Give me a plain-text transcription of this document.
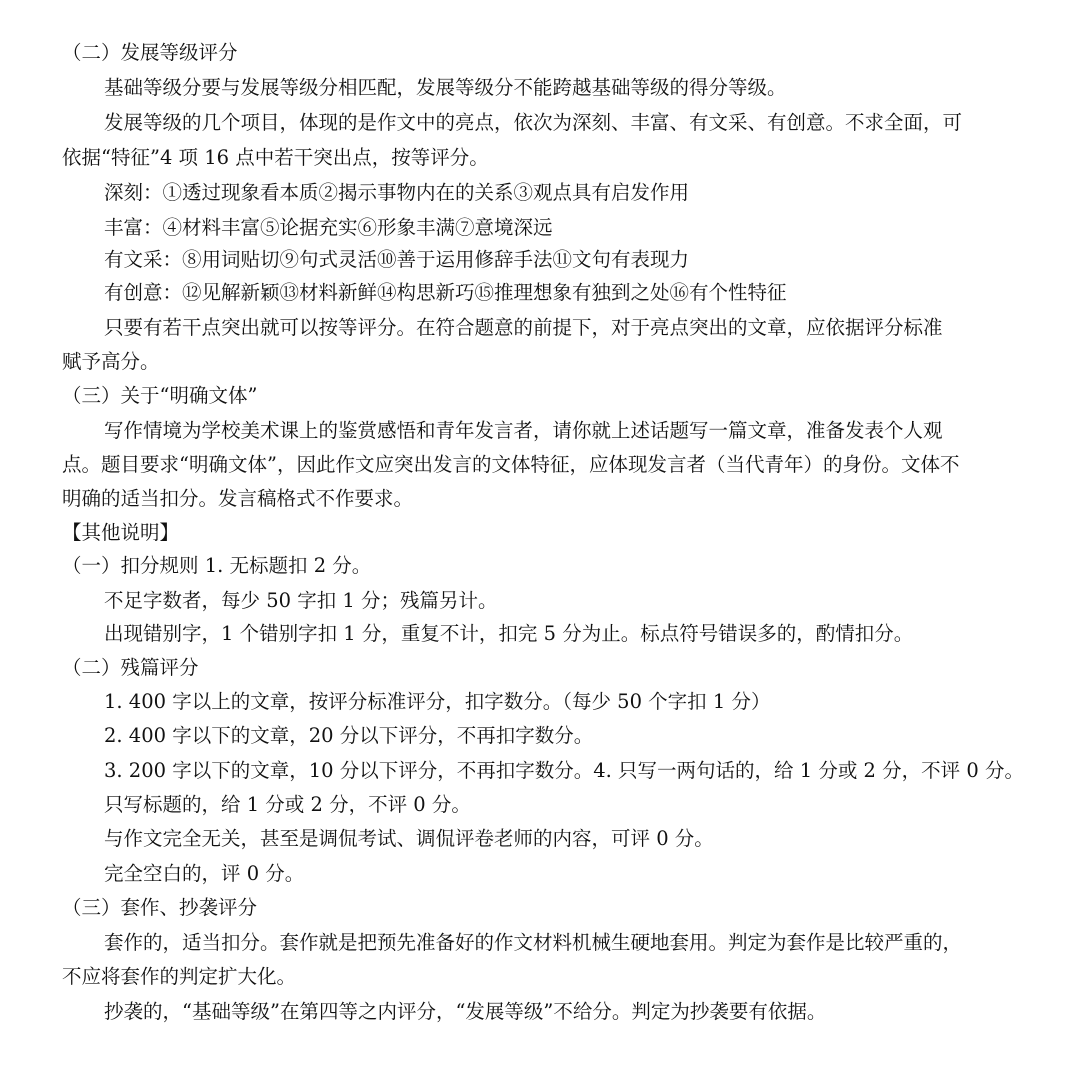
（二）发展等级评分

基础等级分要与发展等级分相匹配，发展等级分不能跨越基础等级的得分等级。

发展等级的几个项目，体现的是作文中的亮点，依次为深刻、丰富、有文采、有创意。不求全面，可

依据“特征”4 项 16 点中若干突出点，按等评分。

深刻：①透过现象看本质②揭示事物内在的关系③观点具有启发作用

丰富：④材料丰富⑤论据充实⑥形象丰满⑦意境深远

有文采：⑧用词贴切⑨句式灵活⑩善于运用修辞手法⑪文句有表现力

有创意：⑫见解新颖⑬材料新鲜⑭构思新巧⑮推理想象有独到之处⑯有个性特征

只要有若干点突出就可以按等评分。在符合题意的前提下，对于亮点突出的文章，应依据评分标准

赋予高分。

（三）关于“明确文体”

写作情境为学校美术课上的鉴赏感悟和青年发言者，请你就上述话题写一篇文章，准备发表个人观

点。题目要求“明确文体”，因此作文应突出发言的文体特征，应体现发言者（当代青年）的身份。文体不

明确的适当扣分。发言稿格式不作要求。

【其他说明】

（一）扣分规则 1. 无标题扣 2 分。

不足字数者，每少 50 字扣 1 分；残篇另计。

出现错别字，1 个错别字扣 1 分，重复不计，扣完 5 分为止。标点符号错误多的，酌情扣分。

（二）残篇评分

1. 400 字以上的文章，按评分标准评分，扣字数分。（每少 50 个字扣 1 分）

2. 400 字以下的文章，20 分以下评分，不再扣字数分。

3. 200 字以下的文章，10 分以下评分，不再扣字数分。4. 只写一两句话的，给 1 分或 2 分，不评 0 分。

只写标题的，给 1 分或 2 分，不评 0 分。

与作文完全无关，甚至是调侃考试、调侃评卷老师的内容，可评 0 分。

完全空白的，评 0 分。

（三）套作、抄袭评分

套作的，适当扣分。套作就是把预先准备好的作文材料机械生硬地套用。判定为套作是比较严重的，

不应将套作的判定扩大化。

抄袭的，“基础等级”在第四等之内评分，“发展等级”不给分。判定为抄袭要有依据。
